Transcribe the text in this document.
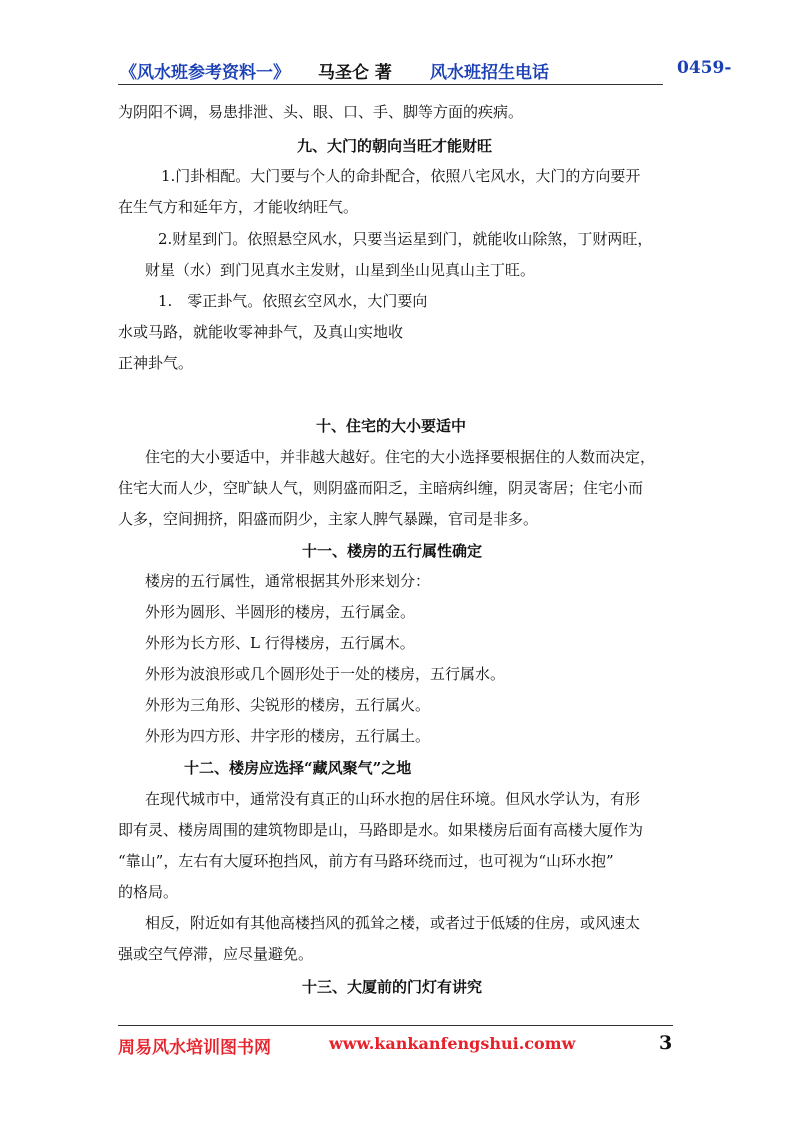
《风水班参考资料一》 马圣仑 著 风水班招生电话	0459-
为阴阳不调，易患排泄、头、眼、口、手、脚等方面的疾病。
九、大门的朝向当旺才能财旺
1.门卦相配。大门要与个人的命卦配合，依照八宅风水，大门的方向要开
在生气方和延年方，才能收纳旺气。
2.财星到门。依照悬空风水，只要当运星到门，就能收山除煞，丁财两旺，
财星（水）到门见真水主发财，山星到坐山见真山主丁旺。
1.　零正卦气。依照玄空风水，大门要向
水或马路，就能收零神卦气，及真山实地收
正神卦气。
十、住宅的大小要适中
住宅的大小要适中，并非越大越好。住宅的大小选择要根据住的人数而决定，
住宅大而人少，空旷缺人气，则阴盛而阳乏，主暗病纠缠，阴灵寄居；住宅小而
人多，空间拥挤，阳盛而阴少，主家人脾气暴躁，官司是非多。
十一、楼房的五行属性确定
楼房的五行属性，通常根据其外形来划分：
外形为圆形、半圆形的楼房，五行属金。
外形为长方形、L 行得楼房，五行属木。
外形为波浪形或几个圆形处于一处的楼房，五行属水。
外形为三角形、尖锐形的楼房，五行属火。
外形为四方形、井字形的楼房，五行属土。
十二、楼房应选择“藏风聚气”之地
在现代城市中，通常没有真正的山环水抱的居住环境。但风水学认为，有形
即有灵、楼房周围的建筑物即是山，马路即是水。如果楼房后面有高楼大厦作为
“靠山”，左右有大厦环抱挡风，前方有马路环绕而过，也可视为“山环水抱”
的格局。
相反，附近如有其他高楼挡风的孤耸之楼，或者过于低矮的住房，或风速太
强或空气停滞，应尽量避免。
十三、大厦前的门灯有讲究
周易风水培训图书网	www.kankanfengshui.comw	3
